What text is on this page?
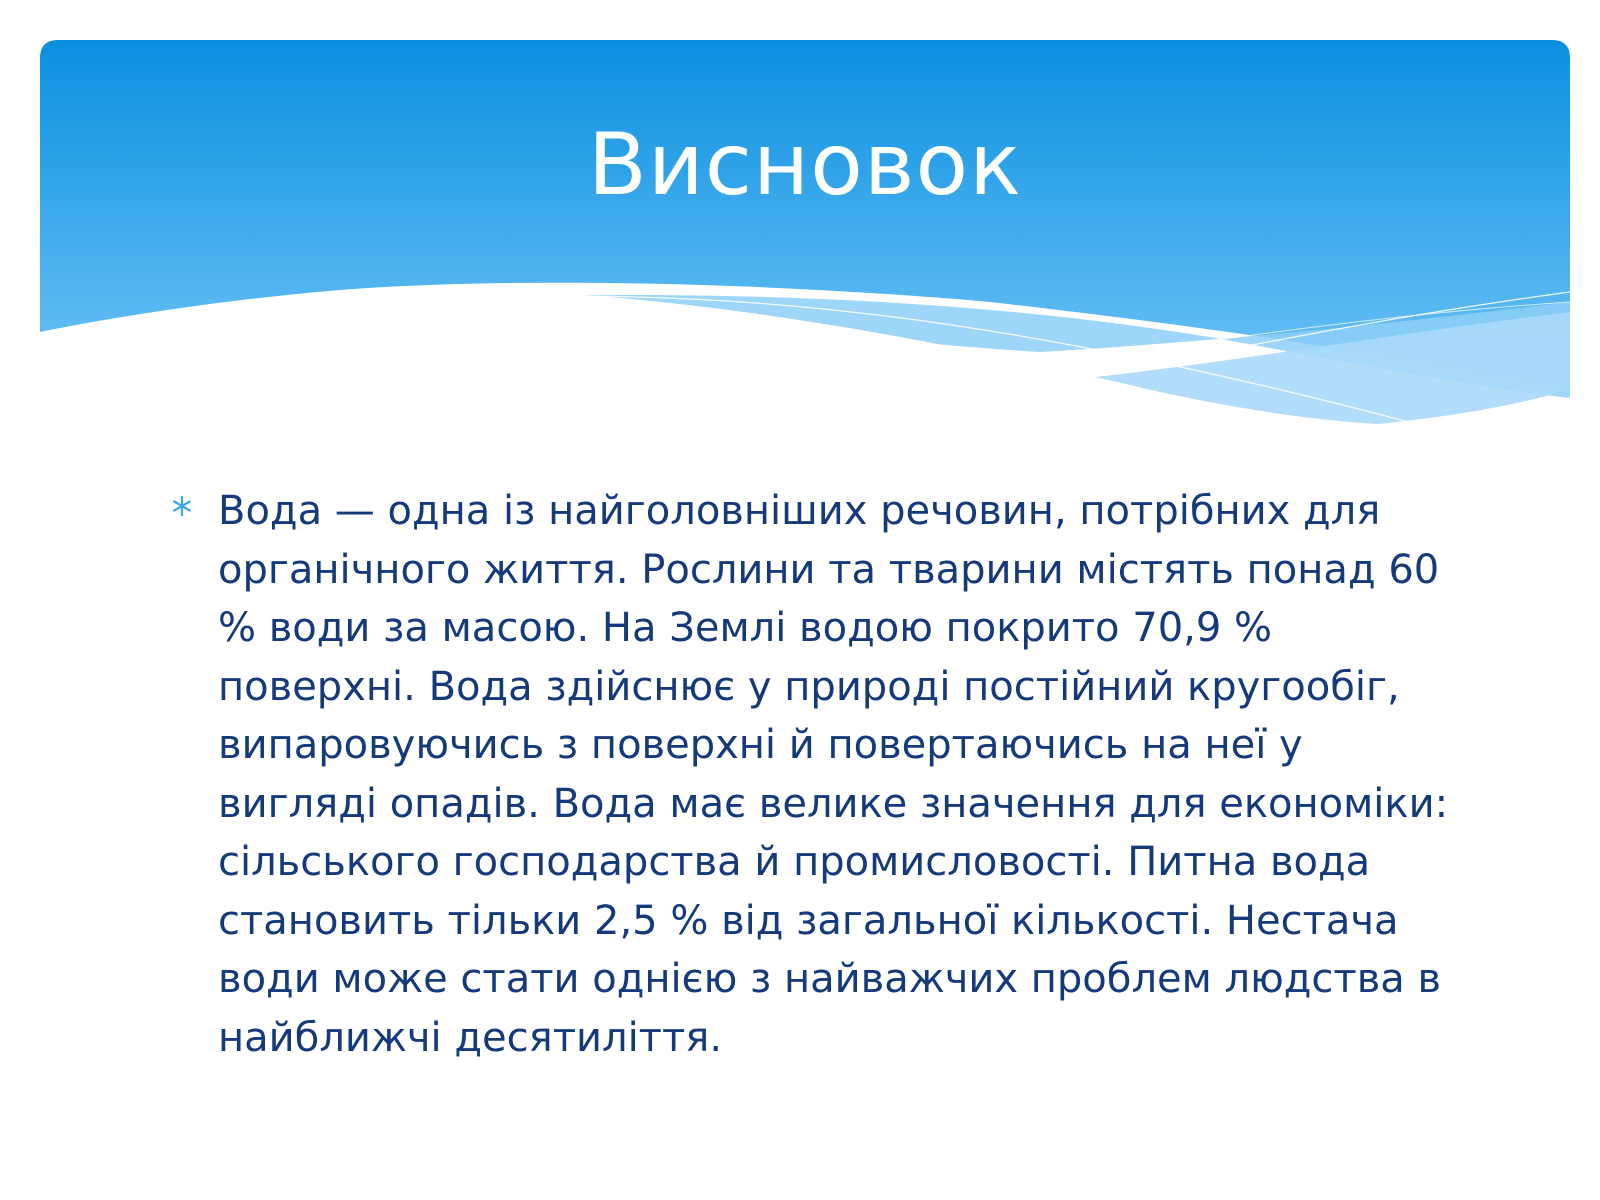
Висновок

Вода — одна із найголовніших речовин, потрібних для органічного життя. Рослини та тварини містять понад 60 % води за масою. На Землі водою покрито 70,9 % поверхні. Вода здійснює у природі постійний кругообіг, випаровуючись з поверхні й повертаючись на неї у вигляді опадів. Вода має велике значення для економіки: сільського господарства й промисловості. Питна вода становить тільки 2,5 % від загальної кількості. Нестача води може стати однією з найважчих проблем людства в найближчі десятиліття.
